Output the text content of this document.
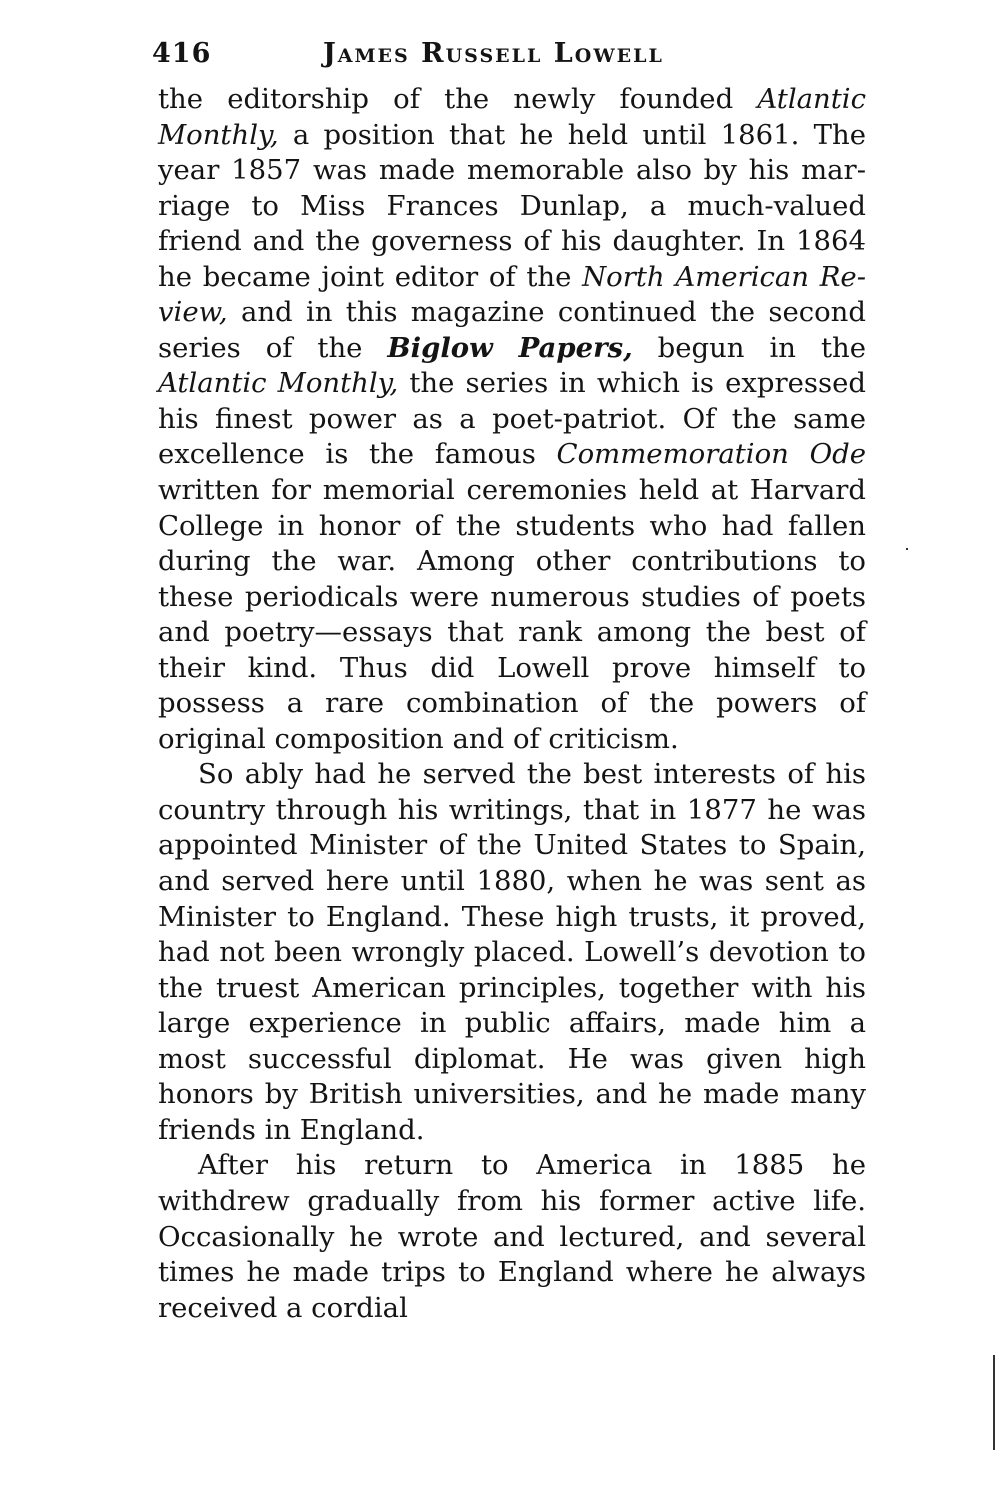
416	James Russell Lowell

the editorship of the newly founded Atlantic Monthly, a position that he held until 1861. The year 1857 was made memorable also by his marriage to Miss Frances Dunlap, a much-valued friend and the governess of his daughter. In 1864 he became joint editor of the North American Review, and in this magazine continued the second series of the Biglow Papers, begun in the Atlantic Monthly, the series in which is expressed his finest power as a poet-patriot. Of the same excellence is the famous Commemoration Ode written for memorial ceremonies held at Harvard College in honor of the students who had fallen during the war. Among other contributions to these periodicals were numerous studies of poets and poetry—essays that rank among the best of their kind. Thus did Lowell prove himself to possess a rare combination of the powers of original composition and of criticism.

So ably had he served the best interests of his country through his writings, that in 1877 he was appointed Minister of the United States to Spain, and served here until 1880, when he was sent as Minister to England. These high trusts, it proved, had not been wrongly placed. Lowell’s devotion to the truest American principles, together with his large experience in public affairs, made him a most successful diplomat. He was given high honors by British universities, and he made many friends in England.

After his return to America in 1885 he withdrew gradually from his former active life. Occasionally he wrote and lectured, and several times he made trips to England where he always received a cordial
